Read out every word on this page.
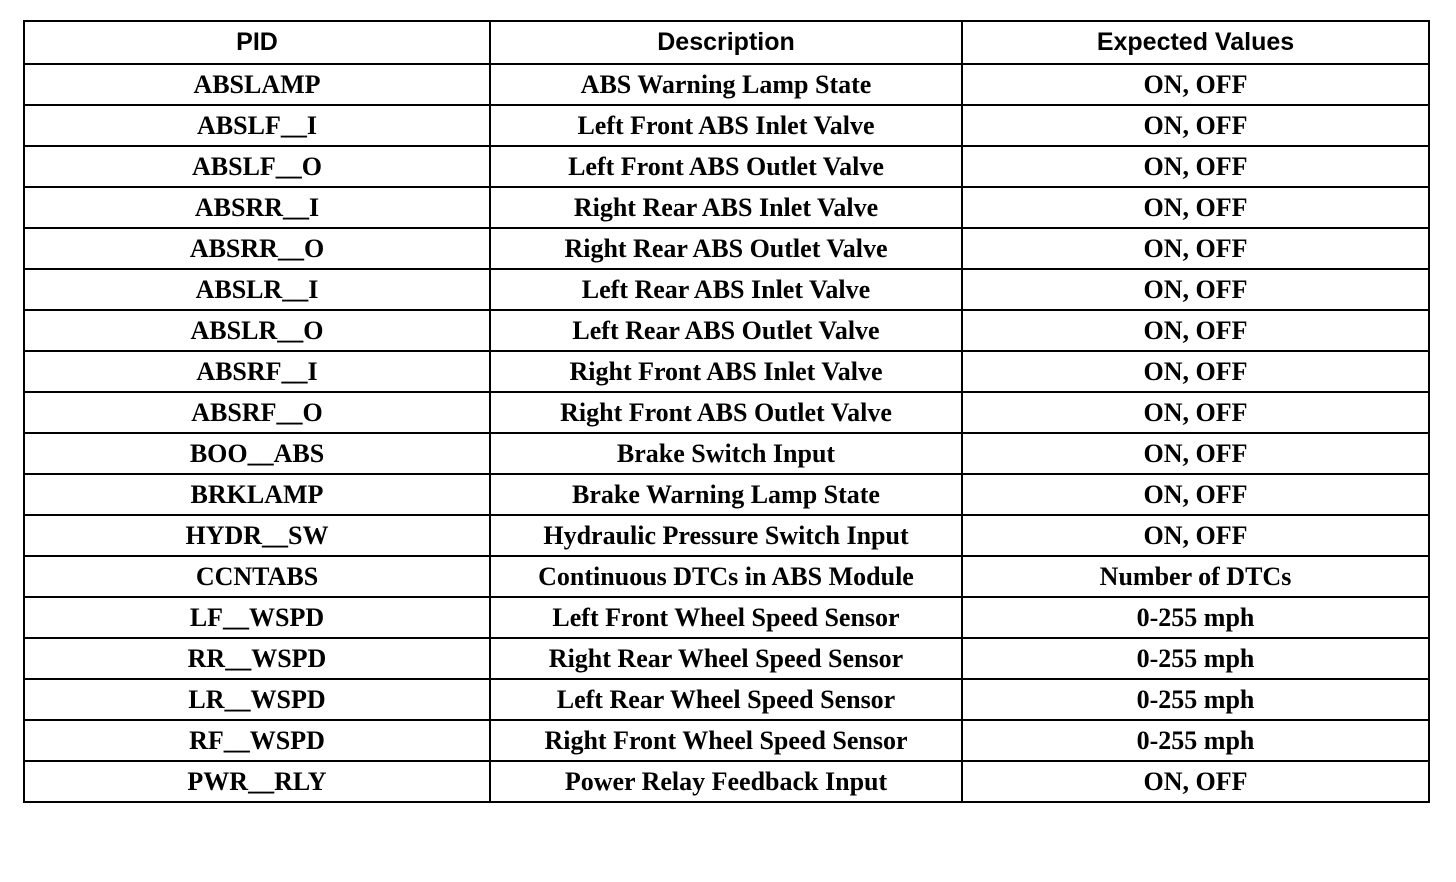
PID	Description	Expected Values
ABSLAMP	ABS Warning Lamp State	ON, OFF
ABSLF__I	Left Front ABS Inlet Valve	ON, OFF
ABSLF__O	Left Front ABS Outlet Valve	ON, OFF
ABSRR__I	Right Rear ABS Inlet Valve	ON, OFF
ABSRR__O	Right Rear ABS Outlet Valve	ON, OFF
ABSLR__I	Left Rear ABS Inlet Valve	ON, OFF
ABSLR__O	Left Rear ABS Outlet Valve	ON, OFF
ABSRF__I	Right Front ABS Inlet Valve	ON, OFF
ABSRF__O	Right Front ABS Outlet Valve	ON, OFF
BOO__ABS	Brake Switch Input	ON, OFF
BRKLAMP	Brake Warning Lamp State	ON, OFF
HYDR__SW	Hydraulic Pressure Switch Input	ON, OFF
CCNTABS	Continuous DTCs in ABS Module	Number of DTCs
LF__WSPD	Left Front Wheel Speed Sensor	0-255 mph
RR__WSPD	Right Rear Wheel Speed Sensor	0-255 mph
LR__WSPD	Left Rear Wheel Speed Sensor	0-255 mph
RF__WSPD	Right Front Wheel Speed Sensor	0-255 mph
PWR__RLY	Power Relay Feedback Input	ON, OFF
